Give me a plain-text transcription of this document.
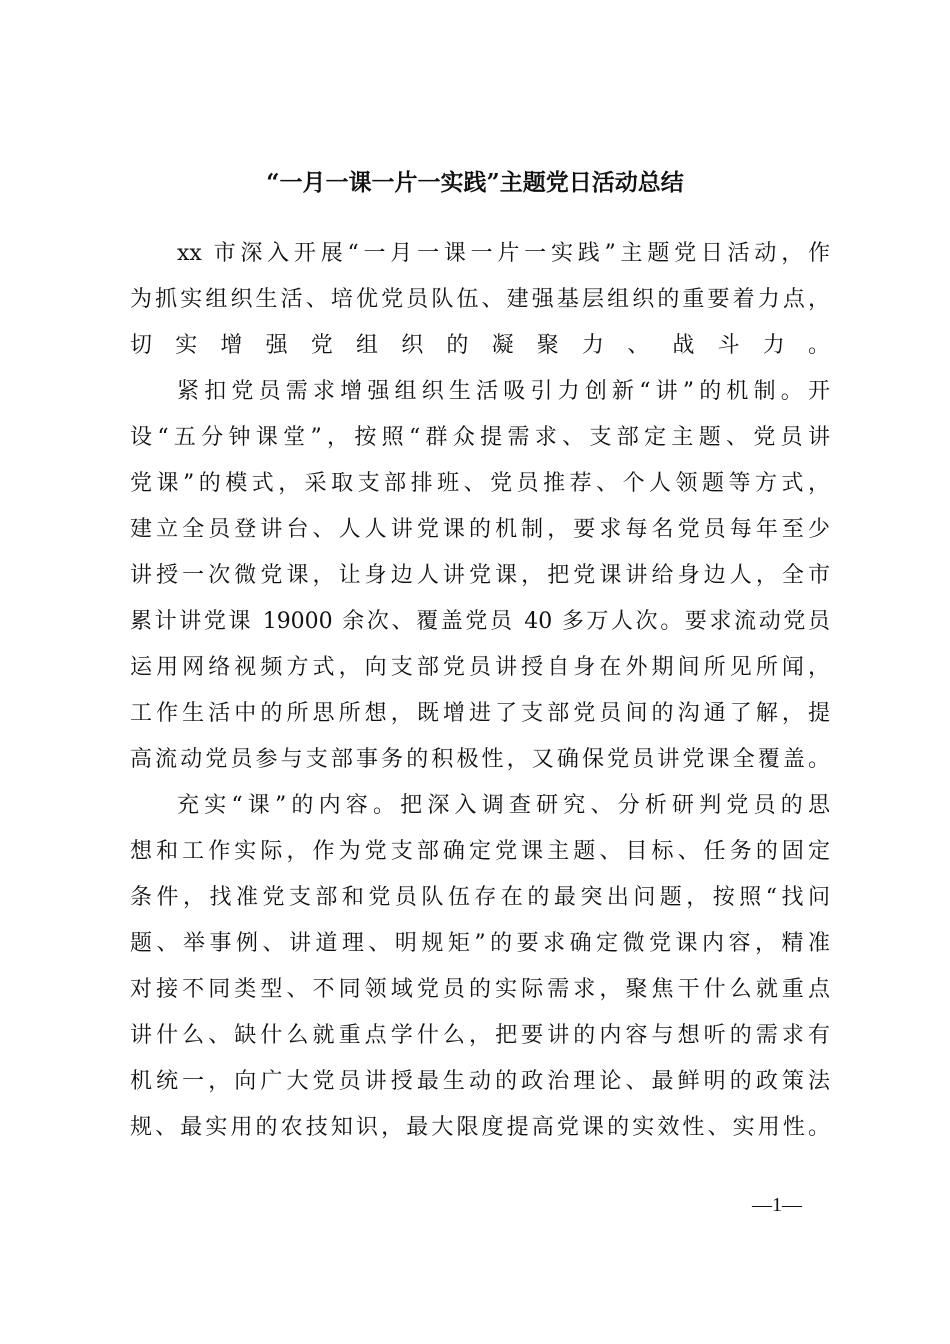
“一月一课一片一实践”主题党日活动总结
xx 市深入开展“一月一课一片一实践”主题党日活动，作
为抓实组织生活、培优党员队伍、建强基层组织的重要着力点，
切实增强党组织的凝聚力、战斗力。
紧扣党员需求增强组织生活吸引力创新“讲”的机制。开
设“五分钟课堂”，按照“群众提需求、支部定主题、党员讲
党课”的模式，采取支部排班、党员推荐、个人领题等方式，
建立全员登讲台、人人讲党课的机制，要求每名党员每年至少
讲授一次微党课，让身边人讲党课，把党课讲给身边人，全市
累计讲党课 19000 余次、覆盖党员 40 多万人次。要求流动党员
运用网络视频方式，向支部党员讲授自身在外期间所见所闻，
工作生活中的所思所想，既增进了支部党员间的沟通了解，提
高流动党员参与支部事务的积极性，又确保党员讲党课全覆盖。
充实“课”的内容。把深入调查研究、分析研判党员的思
想和工作实际，作为党支部确定党课主题、目标、任务的固定
条件，找准党支部和党员队伍存在的最突出问题，按照“找问
题、举事例、讲道理、明规矩”的要求确定微党课内容，精准
对接不同类型、不同领域党员的实际需求，聚焦干什么就重点
讲什么、缺什么就重点学什么，把要讲的内容与想听的需求有
机统一，向广大党员讲授最生动的政治理论、最鲜明的政策法
规、最实用的农技知识，最大限度提高党课的实效性、实用性。
—1—
